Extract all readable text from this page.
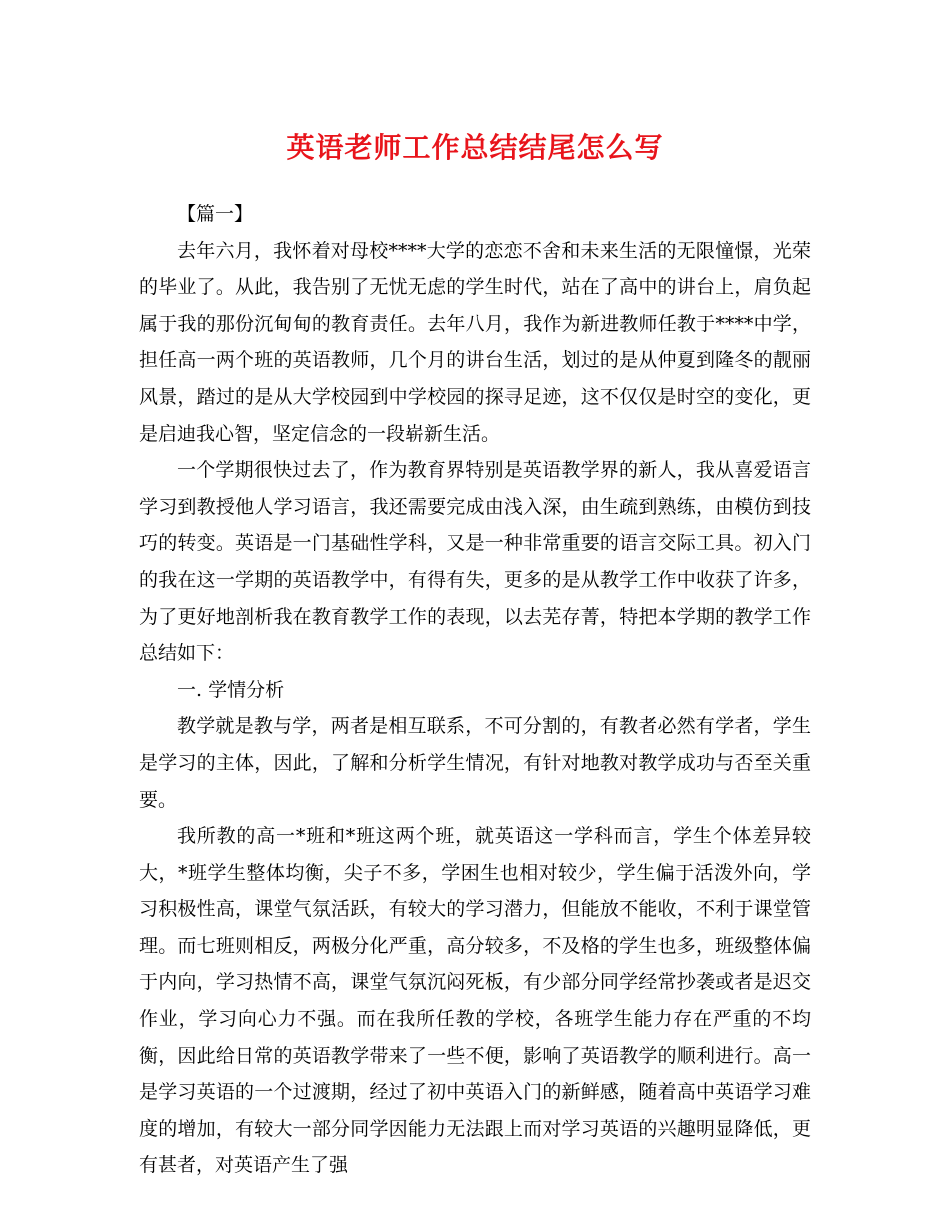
英语老师工作总结结尾怎么写

【篇一】

去年六月，我怀着对母校****大学的恋恋不舍和未来生活的无限憧憬，光荣的毕业了。从此，我告别了无忧无虑的学生时代，站在了高中的讲台上，肩负起属于我的那份沉甸甸的教育责任。去年八月，我作为新进教师任教于****中学，担任高一两个班的英语教师，几个月的讲台生活，划过的是从仲夏到隆冬的靓丽风景，踏过的是从大学校园到中学校园的探寻足迹，这不仅仅是时空的变化，更是启迪我心智，坚定信念的一段崭新生活。

一个学期很快过去了，作为教育界特别是英语教学界的新人，我从喜爱语言学习到教授他人学习语言，我还需要完成由浅入深，由生疏到熟练，由模仿到技巧的转变。英语是一门基础性学科，又是一种非常重要的语言交际工具。初入门的我在这一学期的英语教学中，有得有失，更多的是从教学工作中收获了许多，为了更好地剖析我在教育教学工作的表现，以去芜存菁，特把本学期的教学工作总结如下：

一. 学情分析

教学就是教与学，两者是相互联系，不可分割的，有教者必然有学者，学生是学习的主体，因此，了解和分析学生情况，有针对地教对教学成功与否至关重要。

我所教的高一*班和*班这两个班，就英语这一学科而言，学生个体差异较大，*班学生整体均衡，尖子不多，学困生也相对较少，学生偏于活泼外向，学习积极性高，课堂气氛活跃，有较大的学习潜力，但能放不能收，不利于课堂管理。而七班则相反，两极分化严重，高分较多，不及格的学生也多，班级整体偏于内向，学习热情不高，课堂气氛沉闷死板，有少部分同学经常抄袭或者是迟交作业，学习向心力不强。而在我所任教的学校，各班学生能力存在严重的不均衡，因此给日常的英语教学带来了一些不便，影响了英语教学的顺利进行。高一是学习英语的一个过渡期，经过了初中英语入门的新鲜感，随着高中英语学习难度的增加，有较大一部分同学因能力无法跟上而对学习英语的兴趣明显降低，更有甚者，对英语产生了强
